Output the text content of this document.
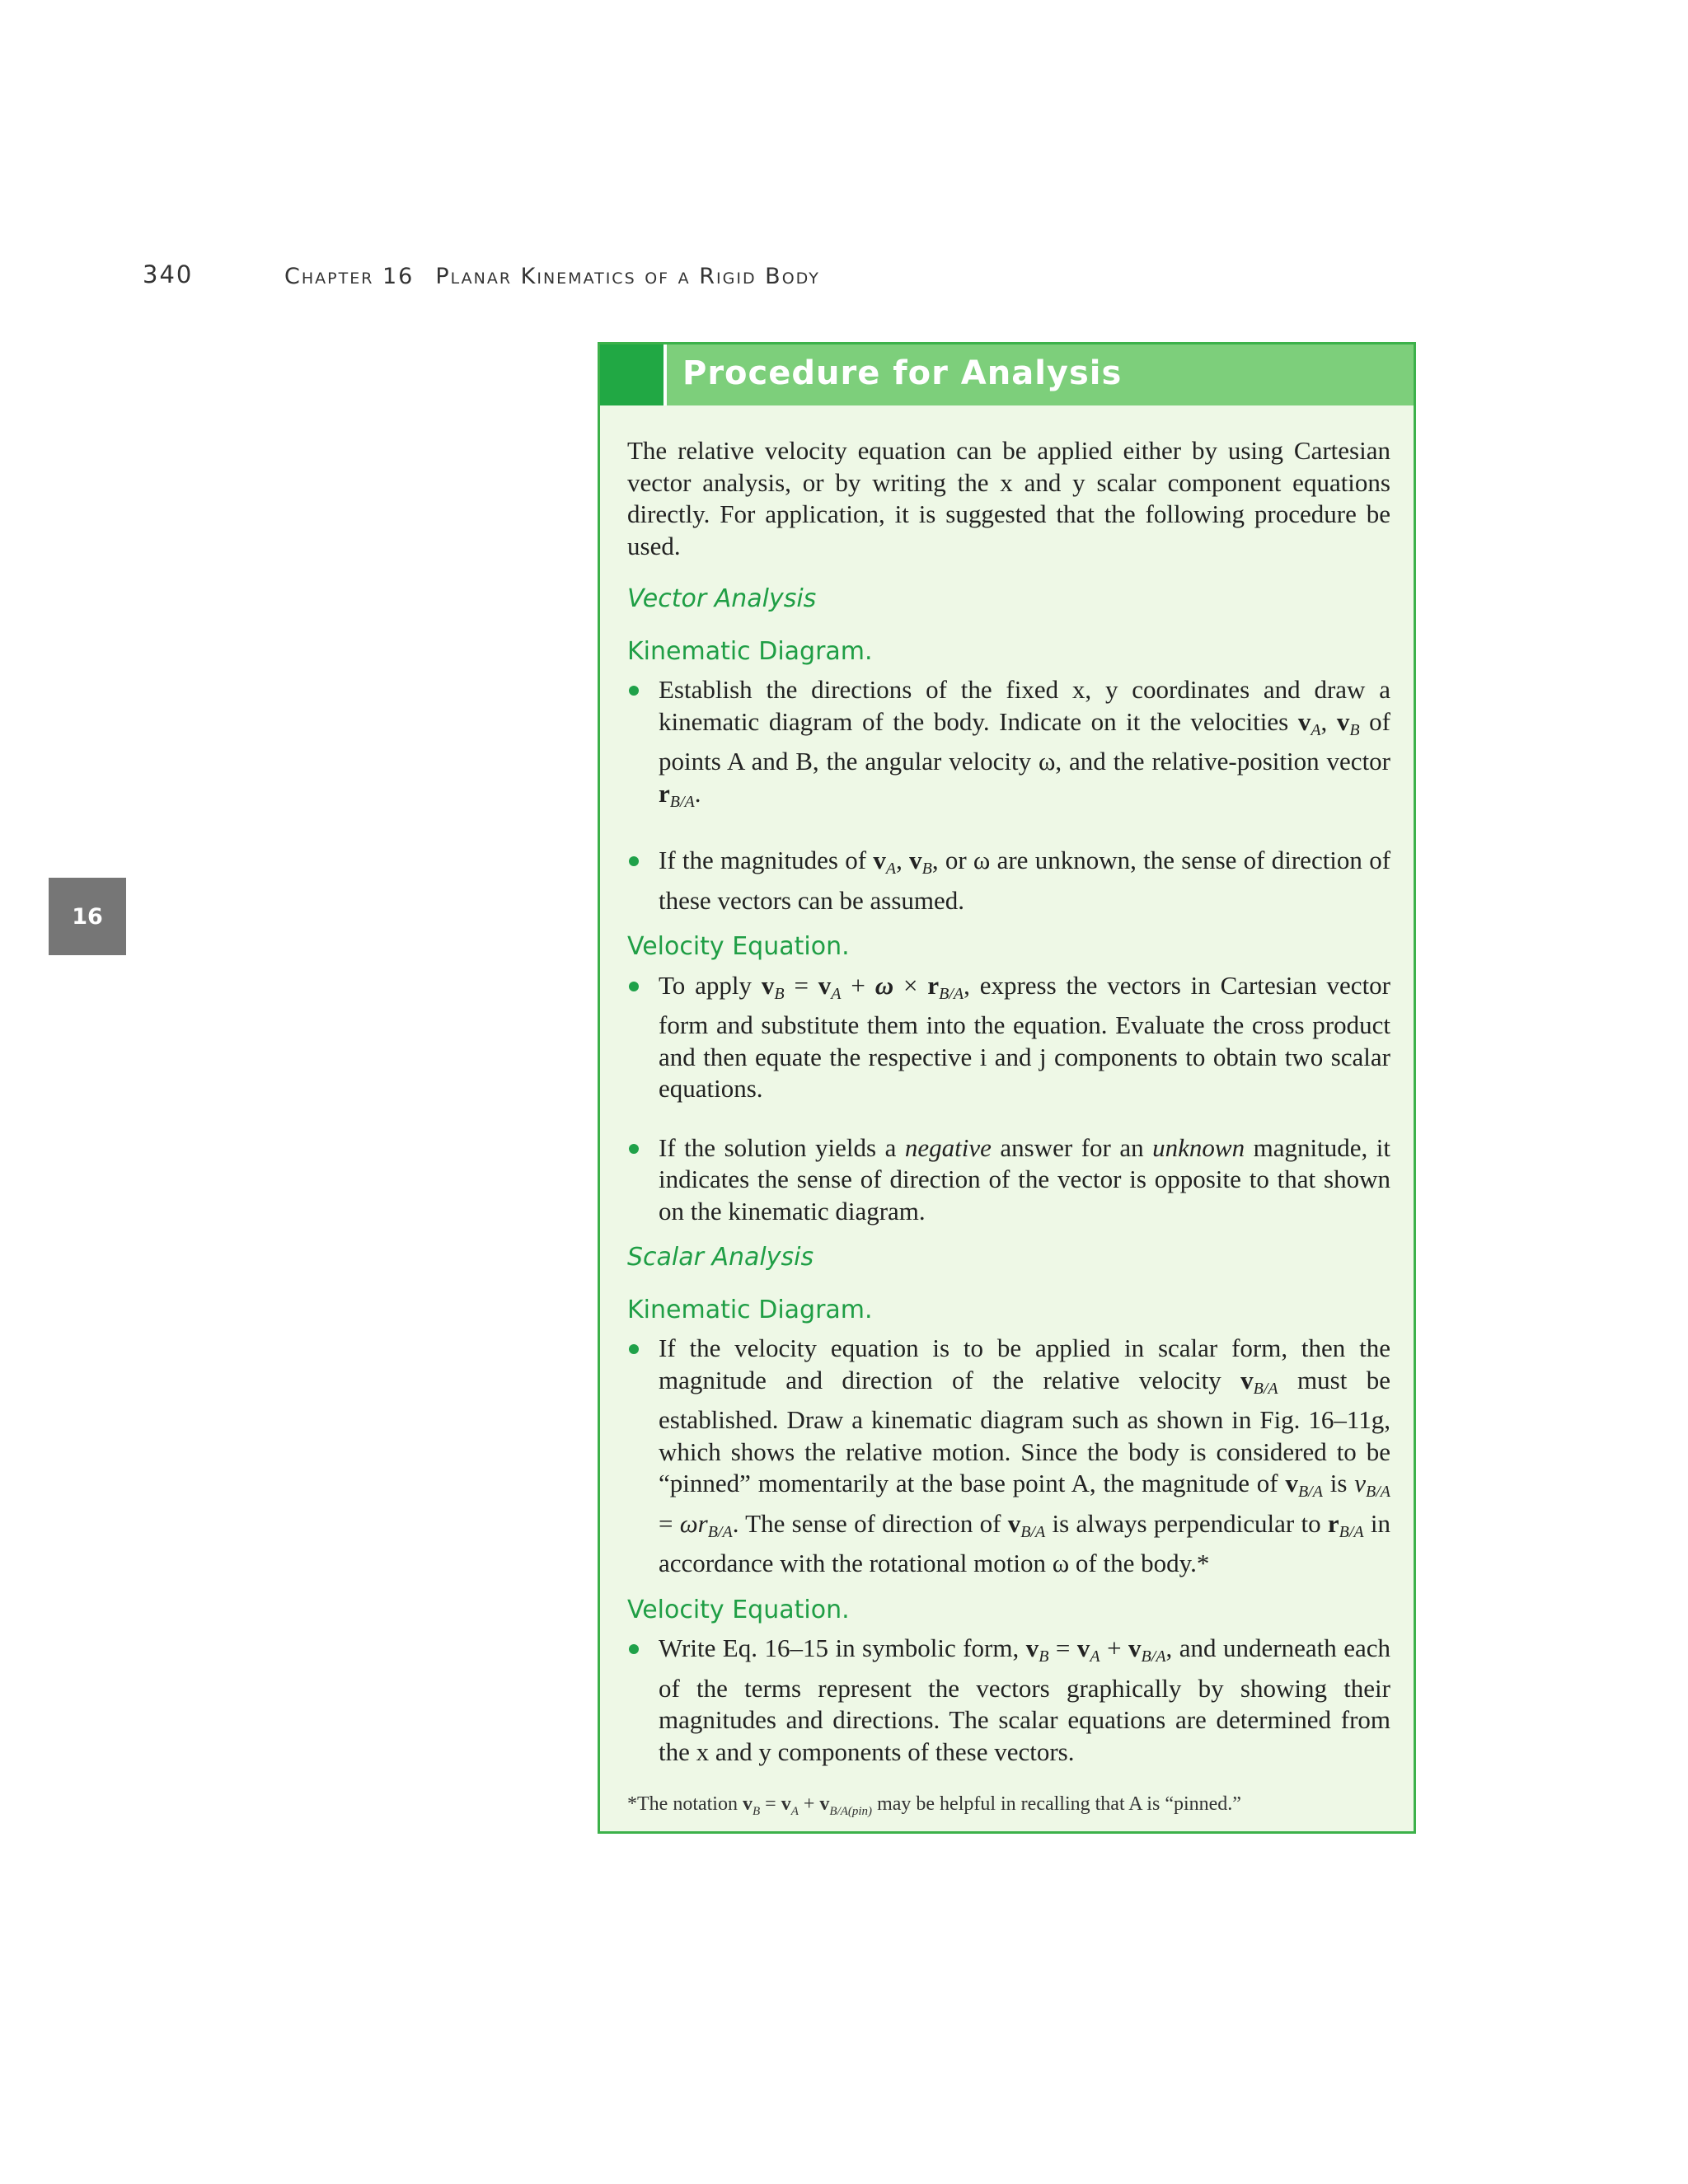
340	Chapter 16 Planar Kinematics of a Rigid Body
16
Procedure for Analysis

The relative velocity equation can be applied either by using Cartesian vector analysis, or by writing the x and y scalar component equations directly. For application, it is suggested that the following procedure be used.

Vector Analysis
Kinematic Diagram.
Establish the directions of the fixed x, y coordinates and draw a kinematic diagram of the body. Indicate on it the velocities $v_A$, $v_B$ of points A and B, the angular velocity ω, and the relative-position vector $r_{B/A}$.
If the magnitudes of $v_A$, $v_B$, or ω are unknown, the sense of direction of these vectors can be assumed.
Velocity Equation.
To apply $v_B = v_A + \omega \times r_{B/A}$, express the vectors in Cartesian vector form and substitute them into the equation. Evaluate the cross product and then equate the respective i and j components to obtain two scalar equations.
If the solution yields a negative answer for an unknown magnitude, it indicates the sense of direction of the vector is opposite to that shown on the kinematic diagram.
Scalar Analysis
Kinematic Diagram.
If the velocity equation is to be applied in scalar form, then the magnitude and direction of the relative velocity $v_{B/A}$ must be established. Draw a kinematic diagram such as shown in Fig. 16–11g, which shows the relative motion. Since the body is considered to be “pinned” momentarily at the base point A, the magnitude of $v_{B/A}$ is $v_{B/A} = \omega r_{B/A}$. The sense of direction of $v_{B/A}$ is always perpendicular to $r_{B/A}$ in accordance with the rotational motion ω of the body.*
Velocity Equation.
Write Eq. 16–15 in symbolic form, $v_B = v_A + v_{B/A}$, and underneath each of the terms represent the vectors graphically by showing their magnitudes and directions. The scalar equations are determined from the x and y components of these vectors.
*The notation $v_B = v_A + v_{B/A(pin)}$ may be helpful in recalling that A is “pinned.”
